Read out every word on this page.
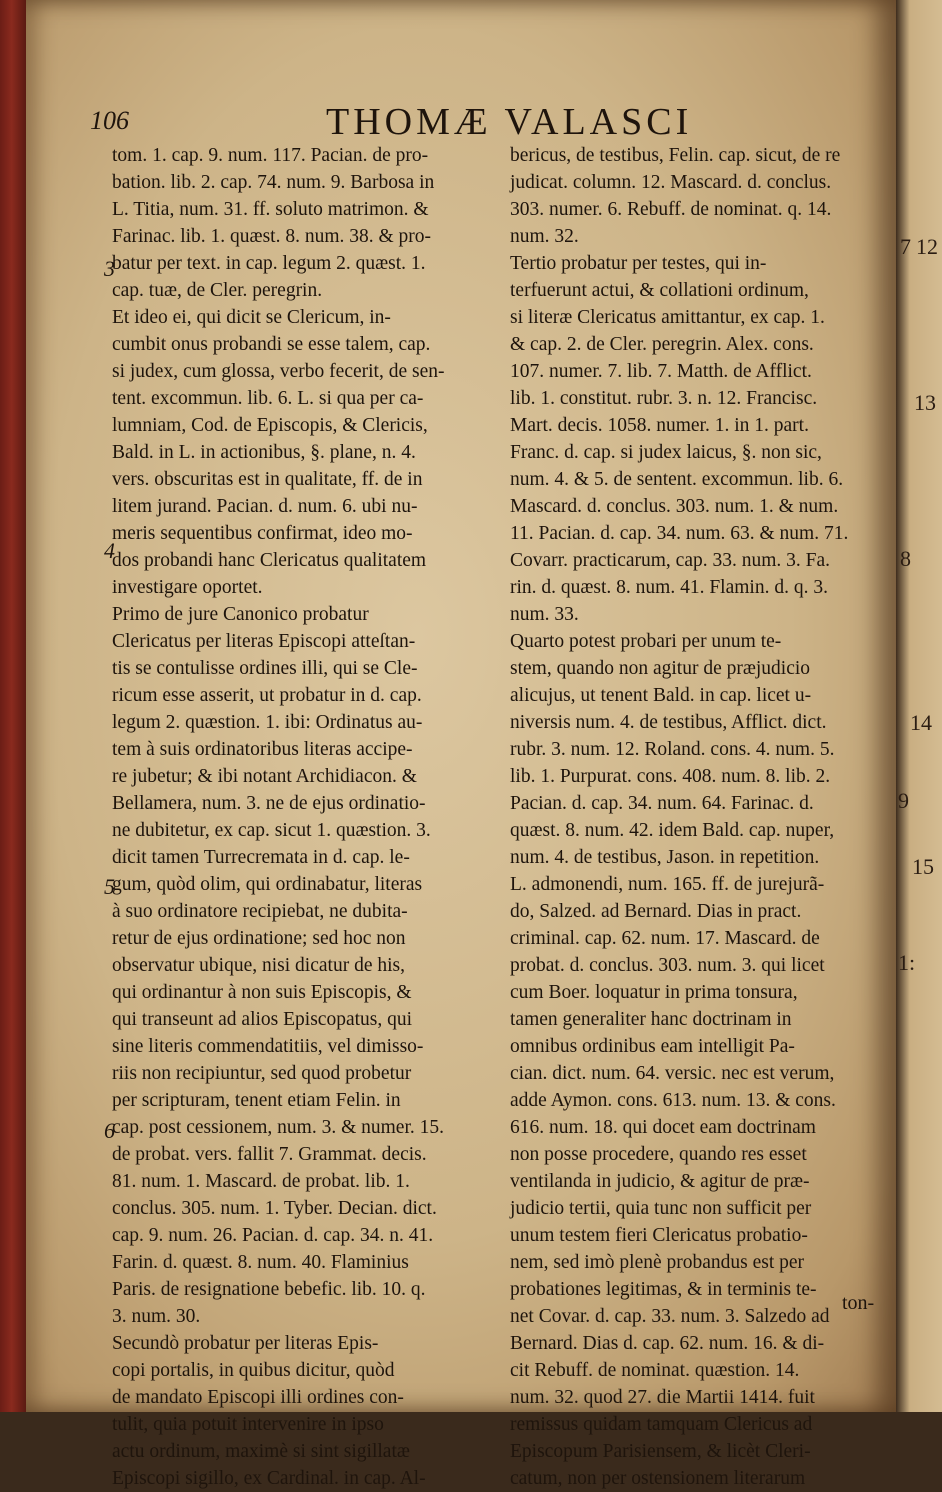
106	THOMÆ VALASCI
tom. 1. cap. 9. num. 117. Pacian. de pro-
bation. lib. 2. cap. 74. num. 9. Barbosa in
L. Titia, num. 31. ff. soluto matrimon. &
Farinac. lib. 1. quæst. 8. num. 38. & pro-
batur per text. in cap. legum 2. quæst. 1.
cap. tuæ, de Cler. peregrin.
Et ideo ei, qui dicit se Clericum, in-
cumbit onus probandi se esse talem, cap.
si judex, cum glossa, verbo fecerit, de sen-
tent. excommun. lib. 6. L. si qua per ca-
lumniam, Cod. de Episcopis, & Clericis,
Bald. in L. in actionibus, §. plane, n. 4.
vers. obscuritas est in qualitate, ff. de in
litem jurand. Pacian. d. num. 6. ubi nu-
meris sequentibus confirmat, ideo mo-
dos probandi hanc Clericatus qualitatem
investigare oportet.
Primo de jure Canonico probatur
Clericatus per literas Episcopi atteſtan-
tis se contulisse ordines illi, qui se Cle-
ricum esse asserit, ut probatur in d. cap.
legum 2. quæstion. 1. ibi: Ordinatus au-
tem à suis ordinatoribus literas accipe-
re jubetur; & ibi notant Archidiacon. &
Bellamera, num. 3. ne de ejus ordinatio-
ne dubitetur, ex cap. sicut 1. quæstion. 3.
dicit tamen Turrecremata in d. cap. le-
gum, quòd olim, qui ordinabatur, literas
à suo ordinatore recipiebat, ne dubita-
retur de ejus ordinatione; sed hoc non
observatur ubique, nisi dicatur de his,
qui ordinantur à non suis Episcopis, &
qui transeunt ad alios Episcopatus, qui
sine literis commendatitiis, vel dimisso-
riis non recipiuntur, sed quod probetur
per scripturam, tenent etiam Felin. in
cap. post cessionem, num. 3. & numer. 15.
de probat. vers. fallit 7. Grammat. decis.
81. num. 1. Mascard. de probat. lib. 1.
conclus. 305. num. 1. Tyber. Decian. dict.
cap. 9. num. 26. Pacian. d. cap. 34. n. 41.
Farin. d. quæst. 8. num. 40. Flaminius
Paris. de resignatione bebefic. lib. 10. q.
3. num. 30.
Secundò probatur per literas Epis-
copi portalis, in quibus dicitur, quòd
de mandato Episcopi illi ordines con-
tulit, quia potuit intervenire in ipso
actu ordinum, maximè si sint sigillatæ
Episcopi sigillo, ex Cardinal. in cap. Al-
bericus, de testibus, Felin. cap. sicut, de re
judicat. column. 12. Mascard. d. conclus.
303. numer. 6. Rebuff. de nominat. q. 14.
num. 32.
Tertio probatur per testes, qui in-
terfuerunt actui, & collationi ordinum,
si literæ Clericatus amittantur, ex cap. 1.
& cap. 2. de Cler. peregrin. Alex. cons.
107. numer. 7. lib. 7. Matth. de Afflict.
lib. 1. constitut. rubr. 3. n. 12. Francisc.
Mart. decis. 1058. numer. 1. in 1. part.
Franc. d. cap. si judex laicus, §. non sic,
num. 4. & 5. de sentent. excommun. lib. 6.
Mascard. d. conclus. 303. num. 1. & num.
11. Pacian. d. cap. 34. num. 63. & num. 71.
Covarr. practicarum, cap. 33. num. 3. Fa.
rin. d. quæst. 8. num. 41. Flamin. d. q. 3.
num. 33.
Quarto potest probari per unum te-
stem, quando non agitur de præjudicio
alicujus, ut tenent Bald. in cap. licet u-
niversis num. 4. de testibus, Afflict. dict.
rubr. 3. num. 12. Roland. cons. 4. num. 5.
lib. 1. Purpurat. cons. 408. num. 8. lib. 2.
Pacian. d. cap. 34. num. 64. Farinac. d.
quæst. 8. num. 42. idem Bald. cap. nuper,
num. 4. de testibus, Jason. in repetition.
L. admonendi, num. 165. ff. de jurejurã-
do, Salzed. ad Bernard. Dias in pract.
criminal. cap. 62. num. 17. Mascard. de
probat. d. conclus. 303. num. 3. qui licet
cum Boer. loquatur in prima tonsura,
tamen generaliter hanc doctrinam in
omnibus ordinibus eam intelligit Pa-
cian. dict. num. 64. versic. nec est verum,
adde Aymon. cons. 613. num. 13. & cons.
616. num. 18. qui docet eam doctrinam
non posse procedere, quando res esset
ventilanda in judicio, & agitur de præ-
judicio tertii, quia tunc non sufficit per
unum testem fieri Clericatus probatio-
nem, sed imò plenè probandus est per
probationes legitimas, & in terminis te-
net Covar. d. cap. 33. num. 3. Salzedo ad
Bernard. Dias d. cap. 62. num. 16. & di-
cit Rebuff. de nominat. quæstion. 14.
num. 32. quod 27. die Martii 1414. fuit
remissus quidam tamquam Clericus ad
Episcopum Parisiensem, & licèt Cleri-
catum, non per ostensionem literarum
3
4
5
6
ton-
7 12
13
8
14
9
15
1:
